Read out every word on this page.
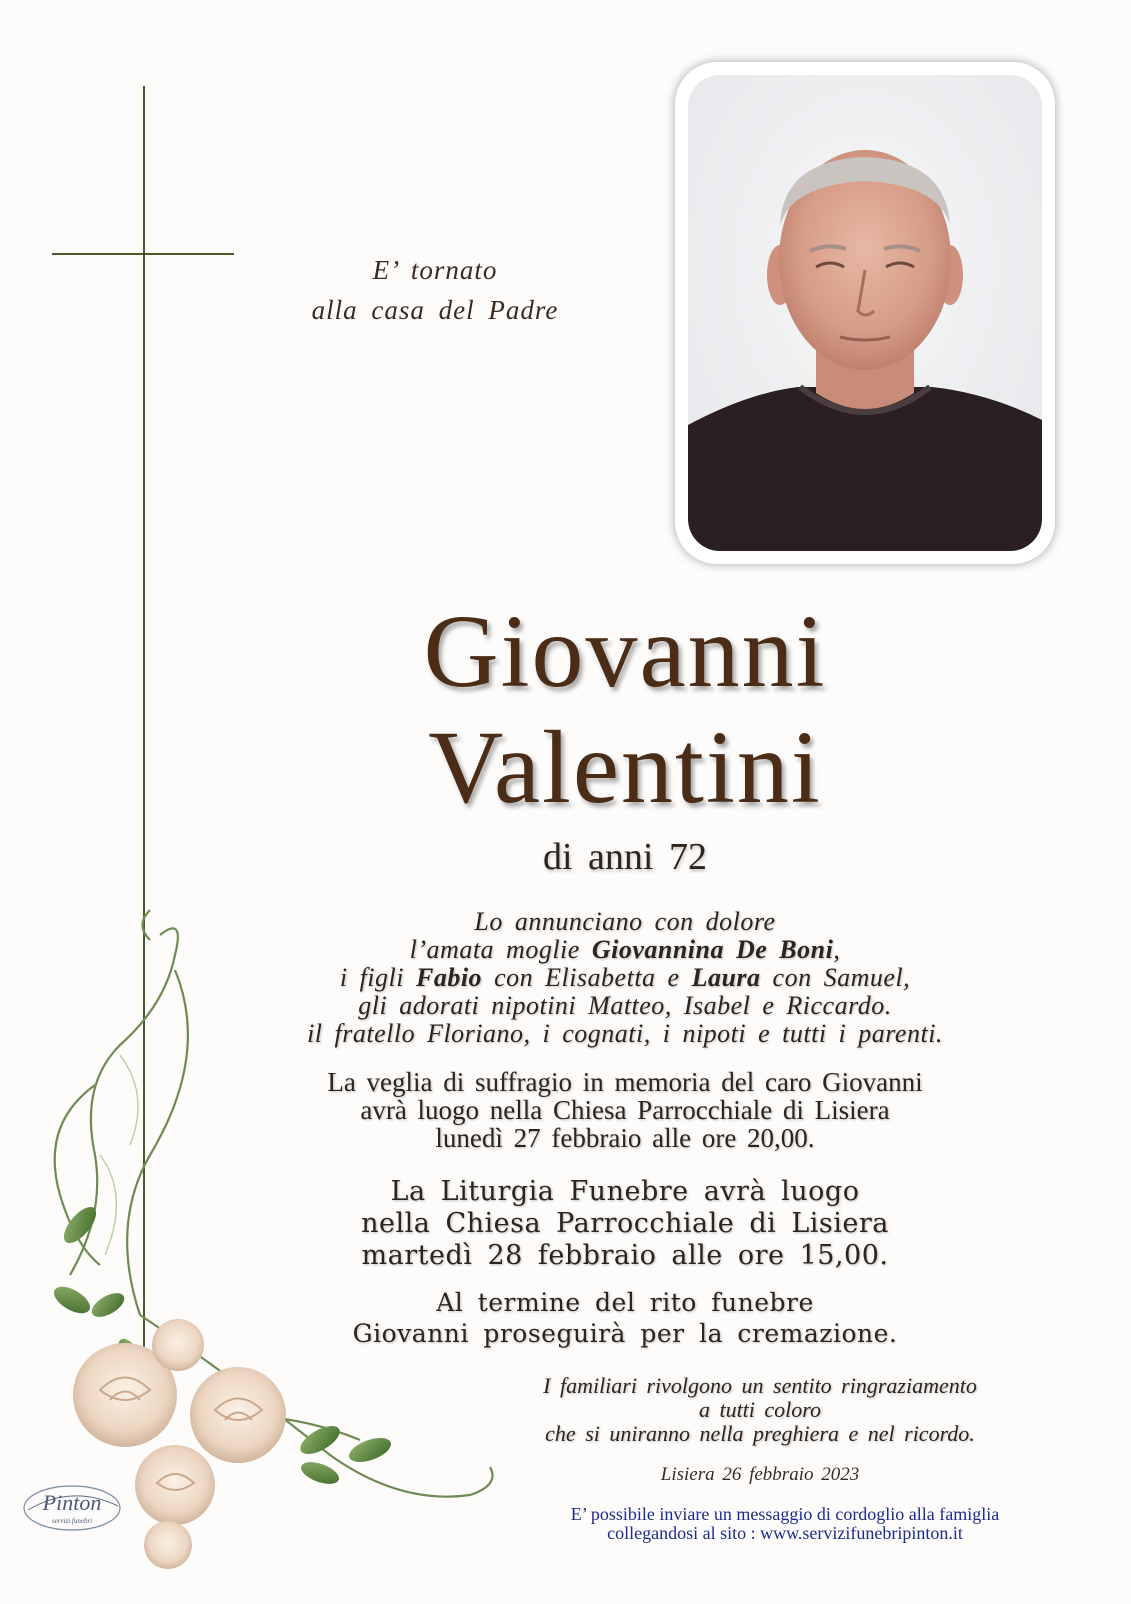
E’ tornato
alla casa del Padre
Giovanni
Valentini
di anni 72
Lo annunciano con dolore
l’amata moglie Giovannina De Boni,
i figli Fabio con Elisabetta e Laura con Samuel,
gli adorati nipotini Matteo, Isabel e Riccardo.
il fratello Floriano, i cognati, i nipoti e tutti i parenti.
La veglia di suffragio in memoria del caro Giovanni
avrà luogo nella Chiesa Parrocchiale di Lisiera
lunedì 27 febbraio alle ore 20,00.
La Liturgia Funebre avrà luogo
nella Chiesa Parrocchiale di Lisiera
martedì 28 febbraio alle ore 15,00.
Al termine del rito funebre
Giovanni proseguirà per la cremazione.
I familiari rivolgono un sentito ringraziamento
a tutti coloro
che si uniranno nella preghiera e nel ricordo.
Lisiera 26 febbraio 2023
E’ possibile inviare un messaggio di cordoglio alla famiglia
collegandosi al sito : www.servizifunebripinton.it
Pinton
servizi funebri
